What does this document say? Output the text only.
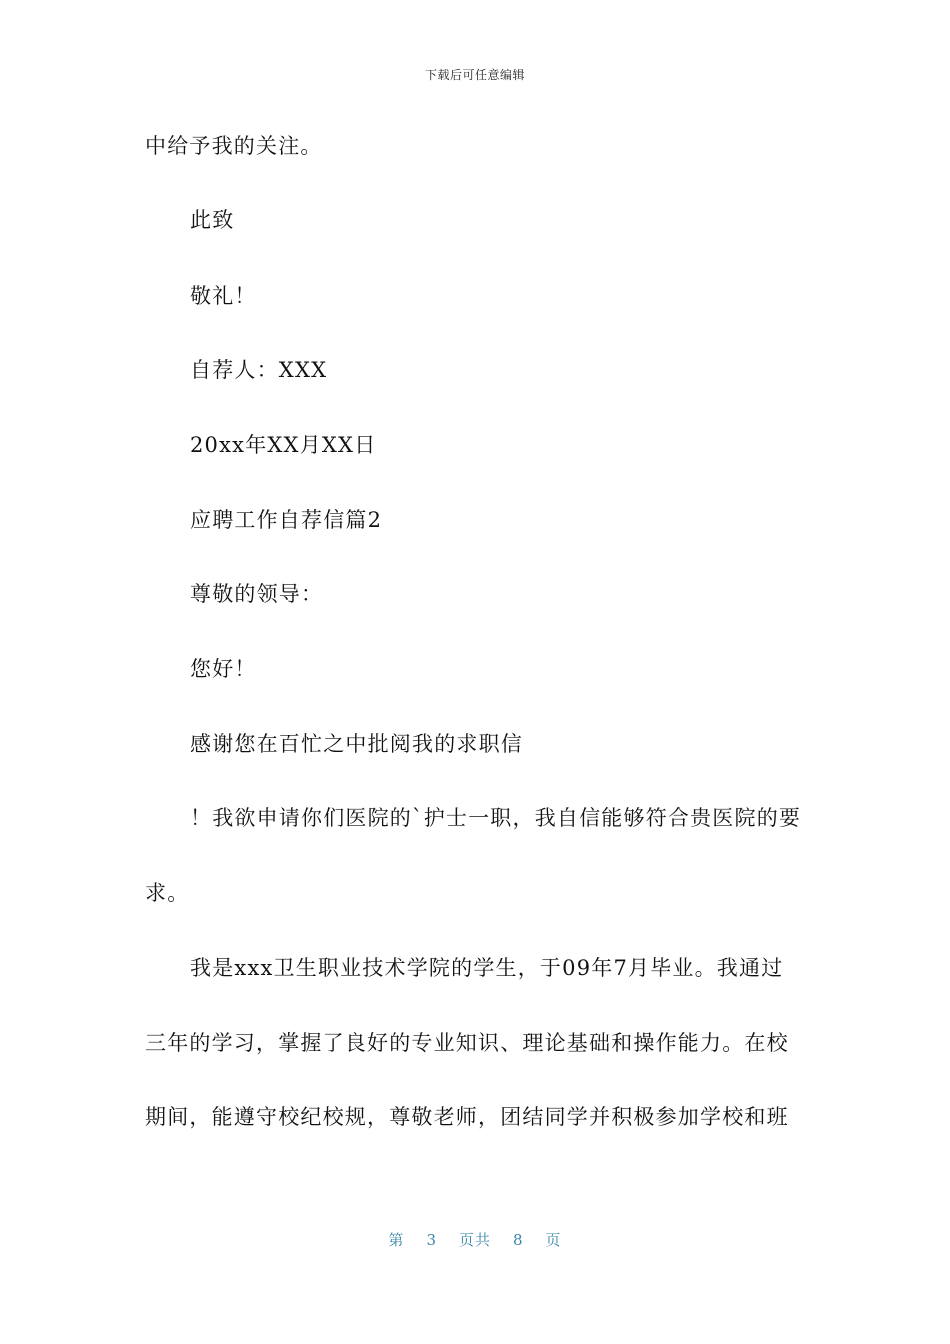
下载后可任意编辑
中给予我的关注。
此致
敬礼！
自荐人：XXX
20xx年XX月XX日
应聘工作自荐信篇2
尊敬的领导：
您好！
感谢您在百忙之中批阅我的求职信
！我欲申请你们医院的`护士一职，我自信能够符合贵医院的要
求。
我是xxx卫生职业技术学院的学生，于09年7月毕业。我通过
三年的学习，掌握了良好的专业知识、理论基础和操作能力。在校
期间，能遵守校纪校规，尊敬老师，团结同学并积极参加学校和班
第 3 页共 8 页
